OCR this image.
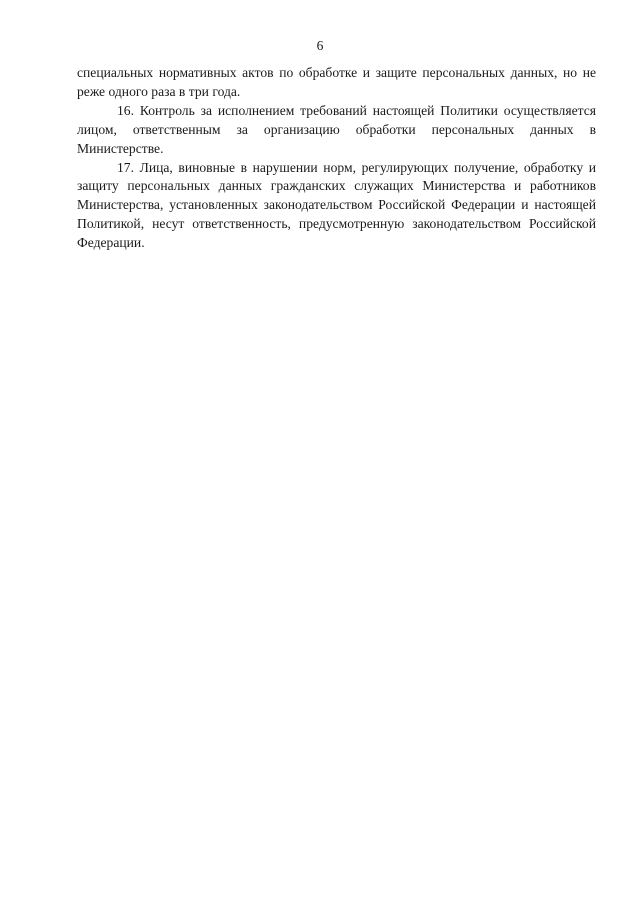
6

специальных нормативных актов по обработке и защите персональных данных, но не реже одного раза в три года.

16. Контроль за исполнением требований настоящей Политики осуществляется лицом, ответственным за организацию обработки персональных данных в Министерстве.

17. Лица, виновные в нарушении норм, регулирующих получение, обработку и защиту персональных данных гражданских служащих Министерства и работников Министерства, установленных законодательством Российской Федерации и настоящей Политикой, несут ответственность, предусмотренную законодательством Российской Федерации.
